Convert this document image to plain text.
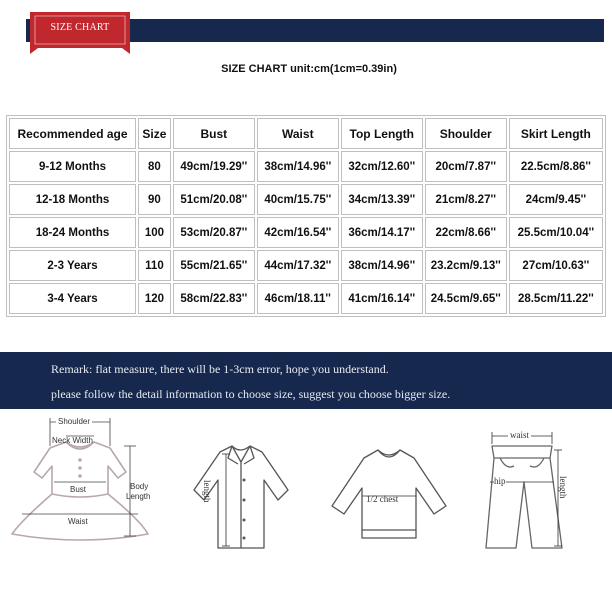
SIZE CHART
SIZE CHART unit:cm(1cm=0.39in)
Recommended age	Size	Bust	Waist	Top Length	Shoulder	Skirt Length
9-12 Months	80	49cm/19.29''	38cm/14.96''	32cm/12.60''	20cm/7.87''	22.5cm/8.86''
12-18 Months	90	51cm/20.08''	40cm/15.75''	34cm/13.39''	21cm/8.27''	24cm/9.45''
18-24 Months	100	53cm/20.87''	42cm/16.54''	36cm/14.17''	22cm/8.66''	25.5cm/10.04''
2-3 Years	110	55cm/21.65''	44cm/17.32''	38cm/14.96''	23.2cm/9.13''	27cm/10.63''
3-4 Years	120	58cm/22.83''	46cm/18.11''	41cm/16.14''	24.5cm/9.65''	28.5cm/11.22''
Remark: flat measure, there will be 1-3cm error, hope you understand.
please follow the detail information to choose size, suggest you choose bigger size.
Shoulder
Neck Width
Bust
Waist
Body
Length	length	1/2 chest
waist
hip	length
